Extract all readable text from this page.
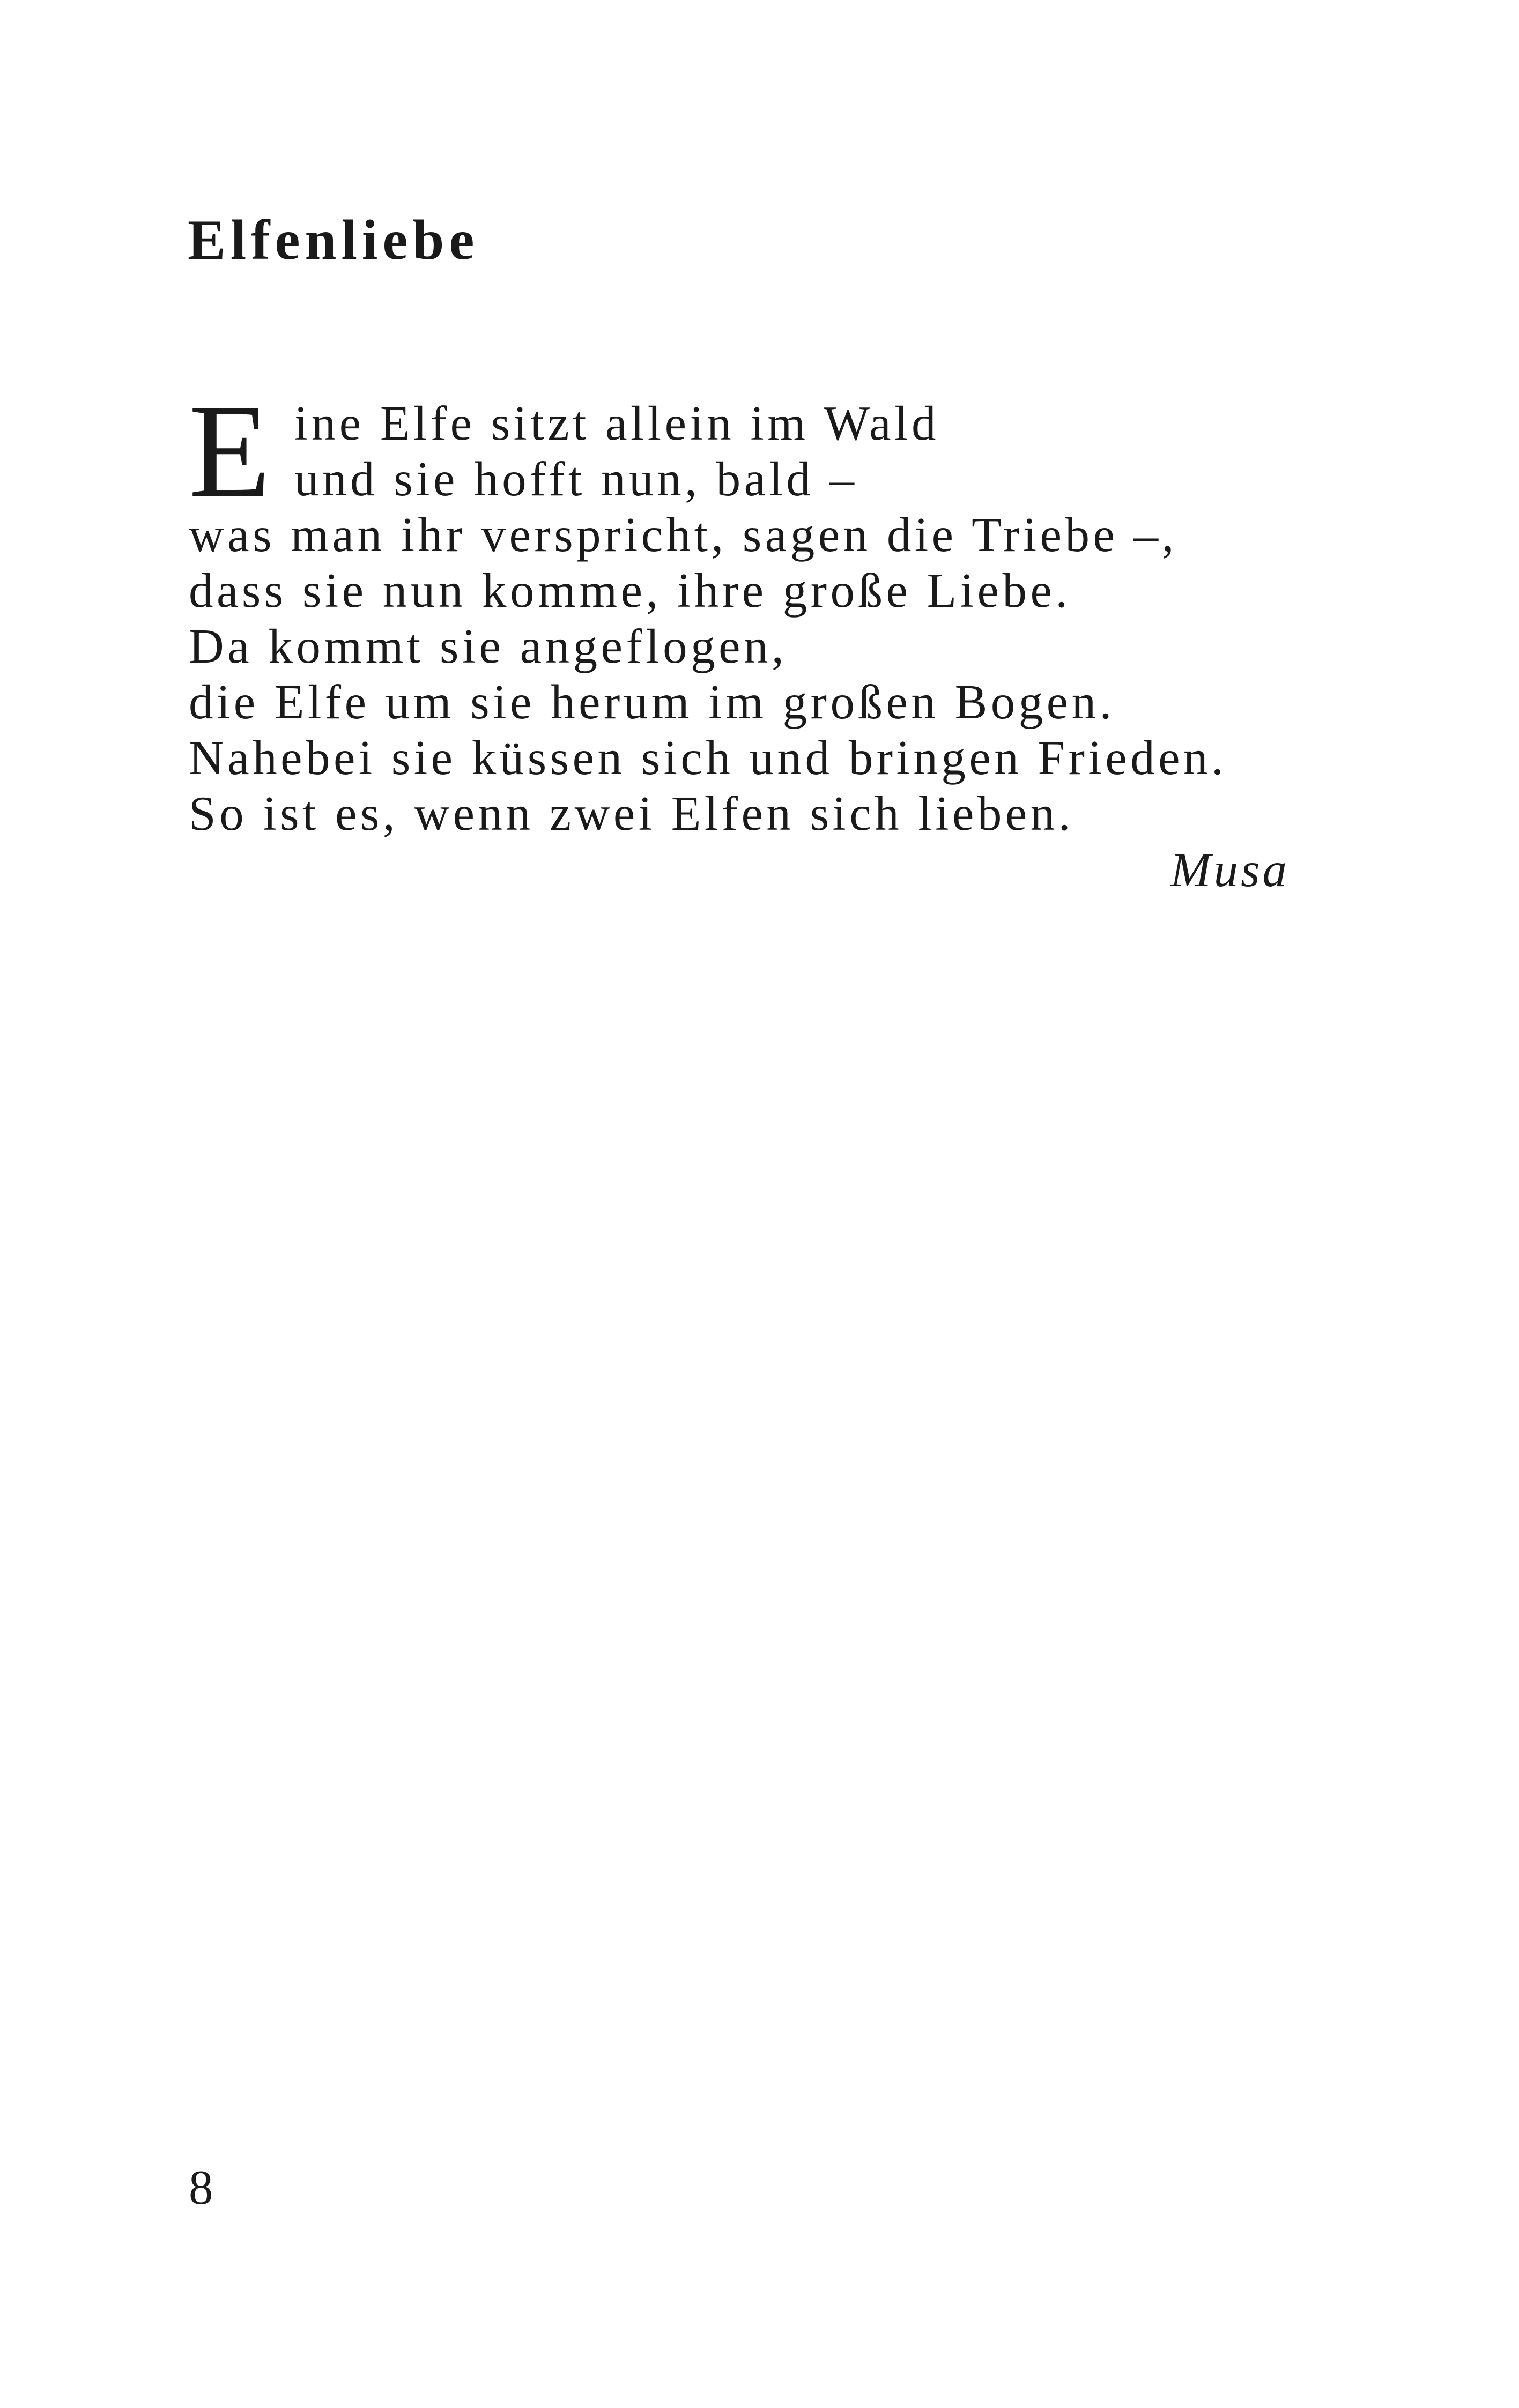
Elfenliebe
E ine Elfe sitzt allein im Wald
und sie hofft nun, bald –
was man ihr verspricht, sagen die Triebe –,
dass sie nun komme, ihre große Liebe.
Da kommt sie angeflogen,
die Elfe um sie herum im großen Bogen.
Nahebei sie küssen sich und bringen Frieden.
So ist es, wenn zwei Elfen sich lieben.
Musa
8
